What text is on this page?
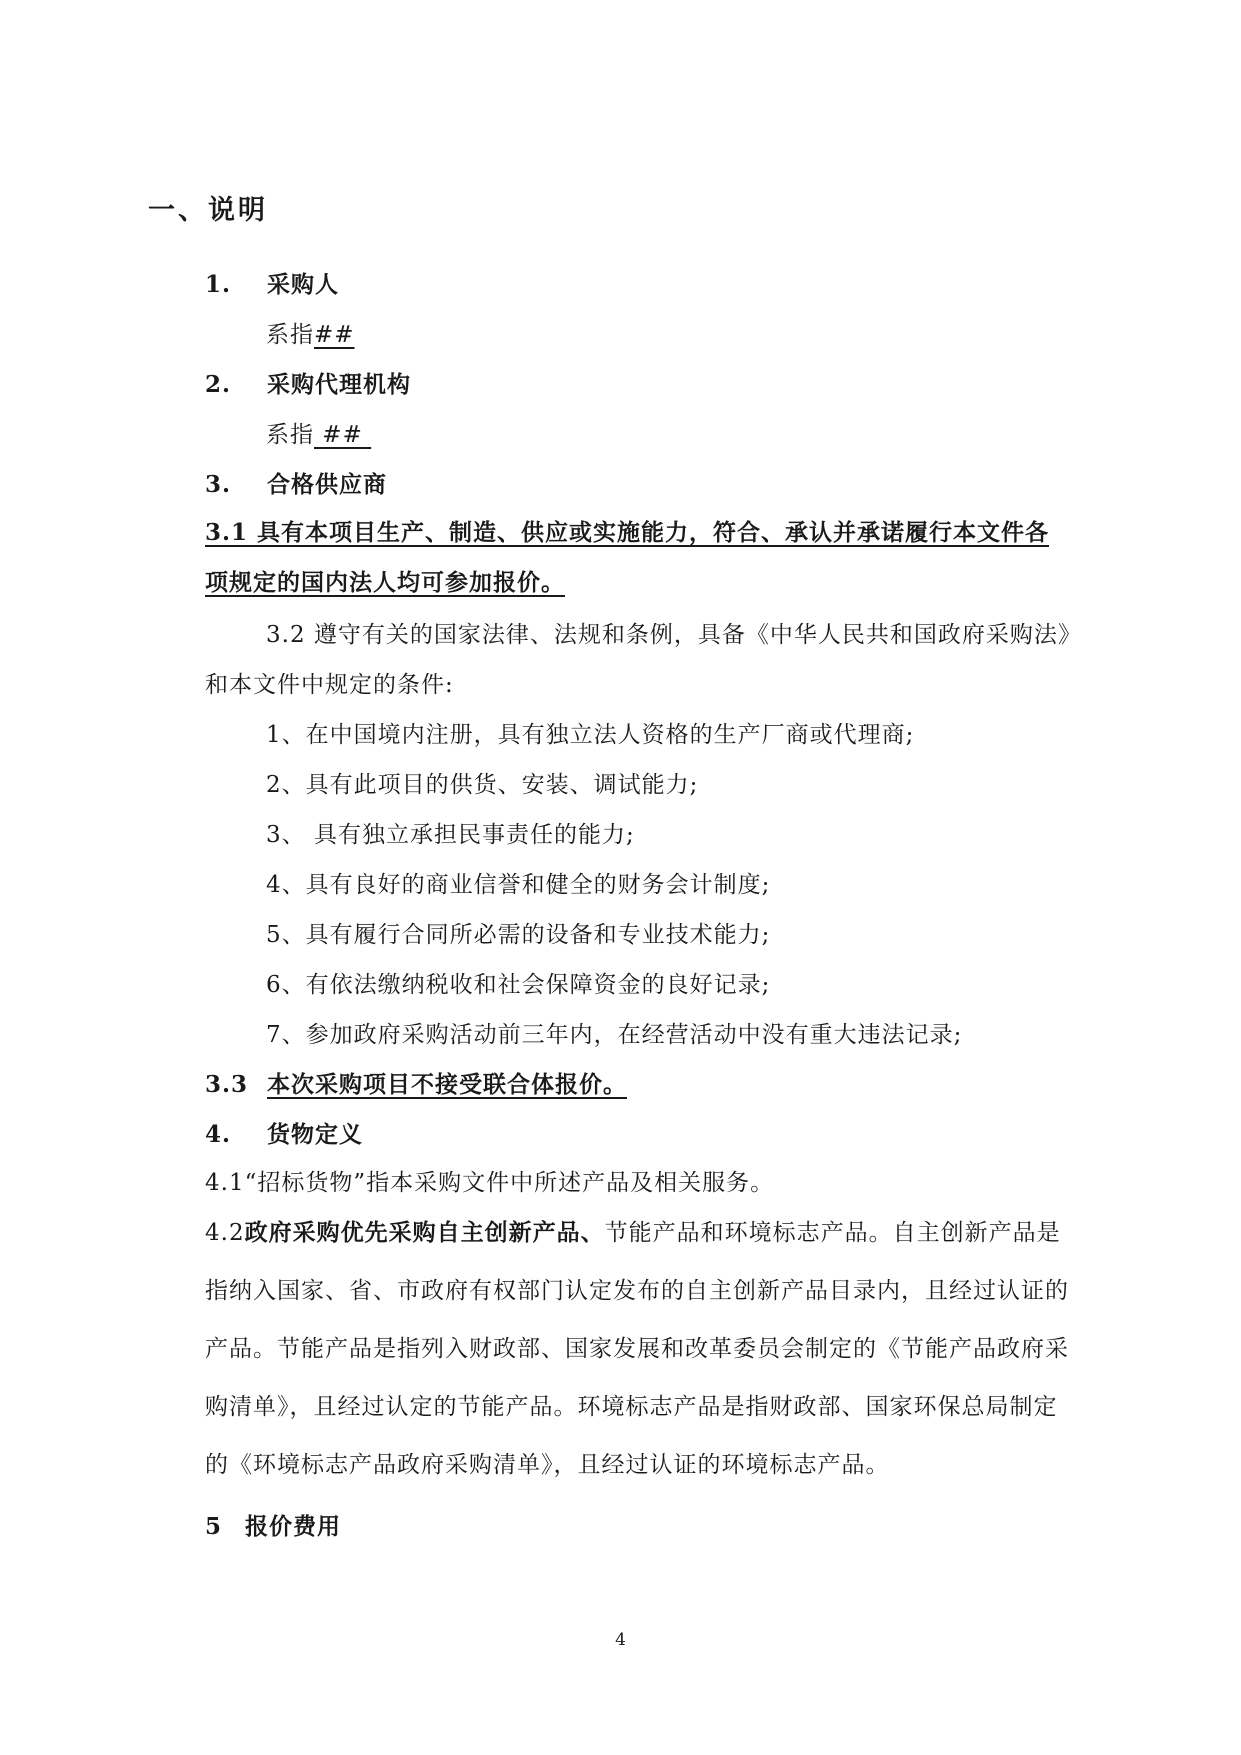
一、说明
1. 采购人
系指##
2. 采购代理机构
系指 ##
3. 合格供应商
3.1 具有本项目生产、制造、供应或实施能力，符合、承认并承诺履行本文件各
项规定的国内法人均可参加报价。
3.2 遵守有关的国家法律、法规和条例，具备《中华人民共和国政府采购法》
和本文件中规定的条件:
1、在中国境内注册，具有独立法人资格的生产厂商或代理商;
2、具有此项目的供货、安装、调试能力;
3、 具有独立承担民事责任的能力;
4、具有良好的商业信誉和健全的财务会计制度;
5、具有履行合同所必需的设备和专业技术能力;
6、有依法缴纳税收和社会保障资金的良好记录;
7、参加政府采购活动前三年内，在经营活动中没有重大违法记录;
3.3 本次采购项目不接受联合体报价。
4. 货物定义
4.1“招标货物”指本采购文件中所述产品及相关服务。
4.2政府采购优先采购自主创新产品、节能产品和环境标志产品。自主创新产品是
指纳入国家、省、市政府有权部门认定发布的自主创新产品目录内，且经过认证的
产品。节能产品是指列入财政部、国家发展和改革委员会制定的《节能产品政府采
购清单》，且经过认定的节能产品。环境标志产品是指财政部、国家环保总局制定
的《环境标志产品政府采购清单》，且经过认证的环境标志产品。
5 报价费用
4
